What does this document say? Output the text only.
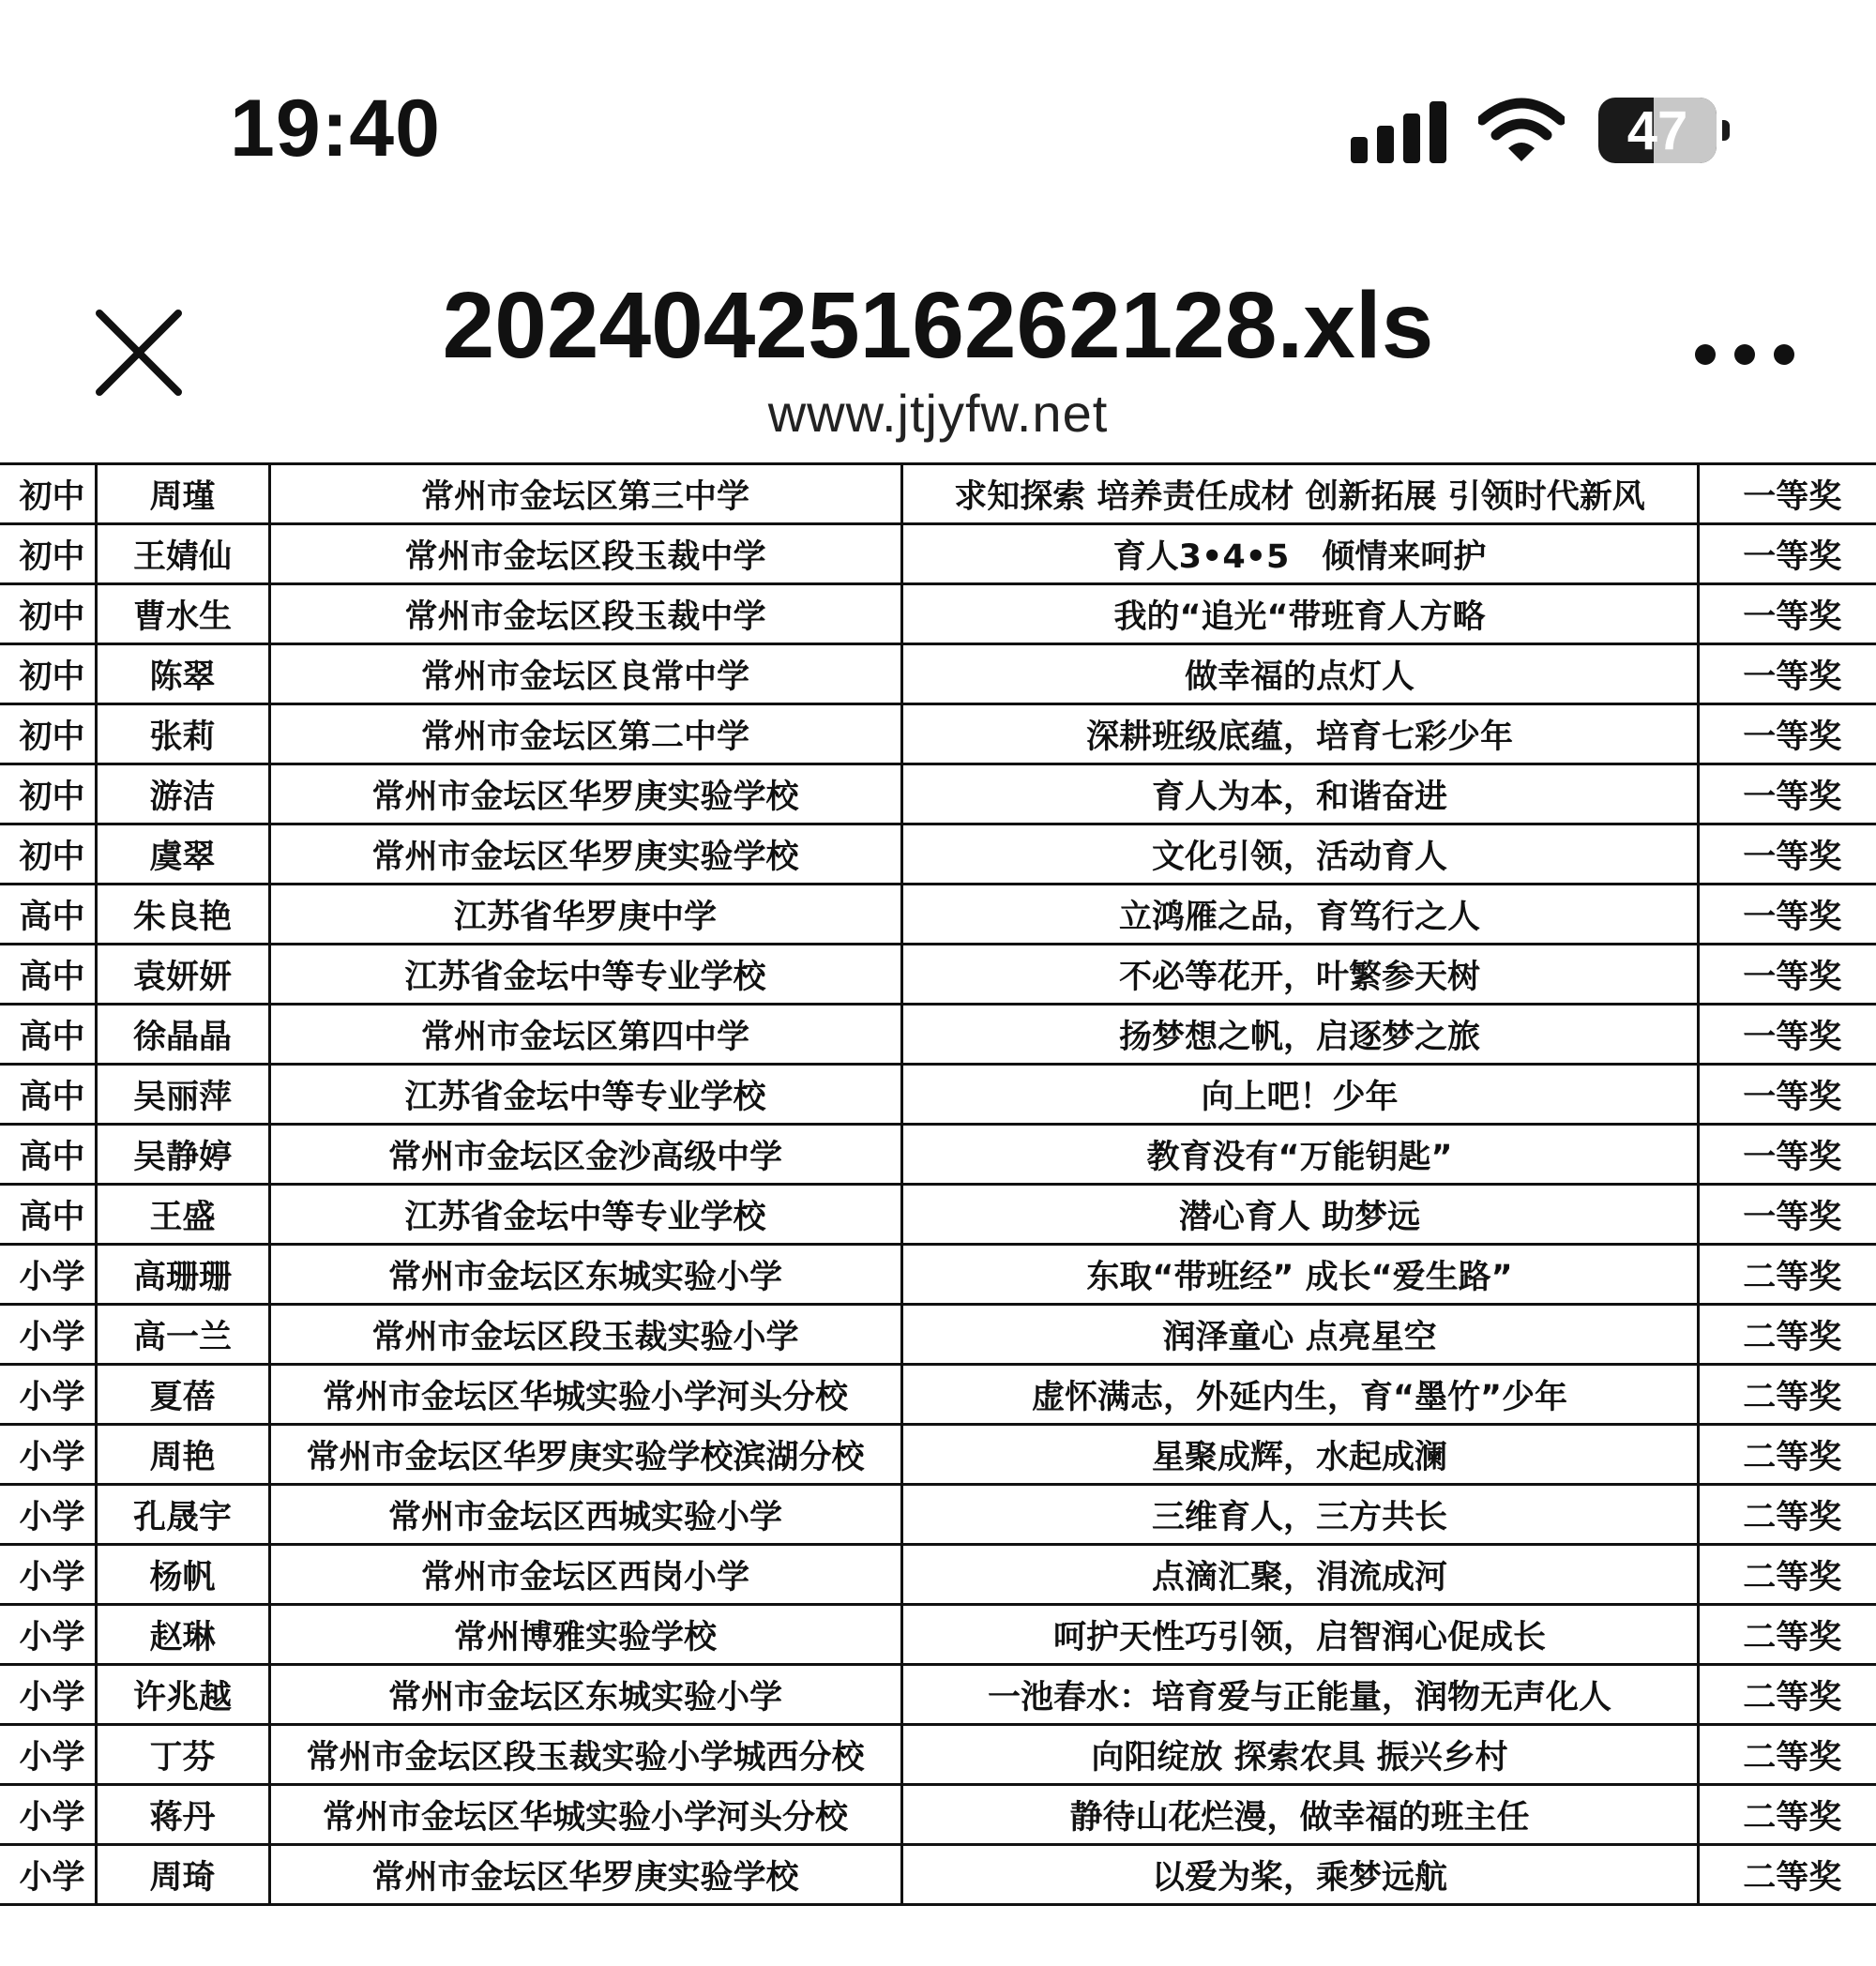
19:40	47
202404251626212​8.xls
www.jtjyfw.net
初中	周瑾	常州市金坛区第三中学	求知探索 培养责任成材 创新拓展 引领时代新风	一等奖
初中	王婧仙	常州市金坛区段玉裁中学	育人3•4•5　倾情来呵护	一等奖
初中	曹水生	常州市金坛区段玉裁中学	我的“追光“带班育人方略	一等奖
初中	陈翠	常州市金坛区良常中学	做幸福的点灯人	一等奖
初中	张莉	常州市金坛区第二中学	深耕班级底蕴，培育七彩少年	一等奖
初中	游洁	常州市金坛区华罗庚实验学校	育人为本，和谐奋进	一等奖
初中	虞翠	常州市金坛区华罗庚实验学校	文化引领，活动育人	一等奖
高中	朱良艳	江苏省华罗庚中学	立鸿雁之品，育笃行之人	一等奖
高中	袁妍妍	江苏省金坛中等专业学校	不必等花开，叶繁参天树	一等奖
高中	徐晶晶	常州市金坛区第四中学	扬梦想之帆，启逐梦之旅	一等奖
高中	吴丽萍	江苏省金坛中等专业学校	向上吧！少年	一等奖
高中	吴静婷	常州市金坛区金沙高级中学	教育没有“万能钥匙”	一等奖
高中	王盛	江苏省金坛中等专业学校	潜心育人 助梦远	一等奖
小学	高珊珊	常州市金坛区东城实验小学	东取“带班经” 成长“爱生路”	二等奖
小学	高一兰	常州市金坛区段玉裁实验小学	润泽童心 点亮星空	二等奖
小学	夏蓓	常州市金坛区华城实验小学河头分校	虚怀满志，外延内生，育“墨竹”少年	二等奖
小学	周艳	常州市金坛区华罗庚实验学校滨湖分校	星聚成辉，水起成澜	二等奖
小学	孔晟宇	常州市金坛区西城实验小学	三维育人，三方共长	二等奖
小学	杨帆	常州市金坛区西岗小学	点滴汇聚，涓流成河	二等奖
小学	赵琳	常州博雅实验学校	呵护天性巧引领，启智润心促成长	二等奖
小学	许兆越	常州市金坛区东城实验小学	一池春水：培育爱与正能量，润物无声化人	二等奖
小学	丁芬	常州市金坛区段玉裁实验小学城西分校	向阳绽放 探索农具 振兴乡村	二等奖
小学	蒋丹	常州市金坛区华城实验小学河头分校	静待山花烂漫，做幸福的班主任	二等奖
小学	周琦	常州市金坛区华罗庚实验学校	以爱为桨，乘梦远航	二等奖
